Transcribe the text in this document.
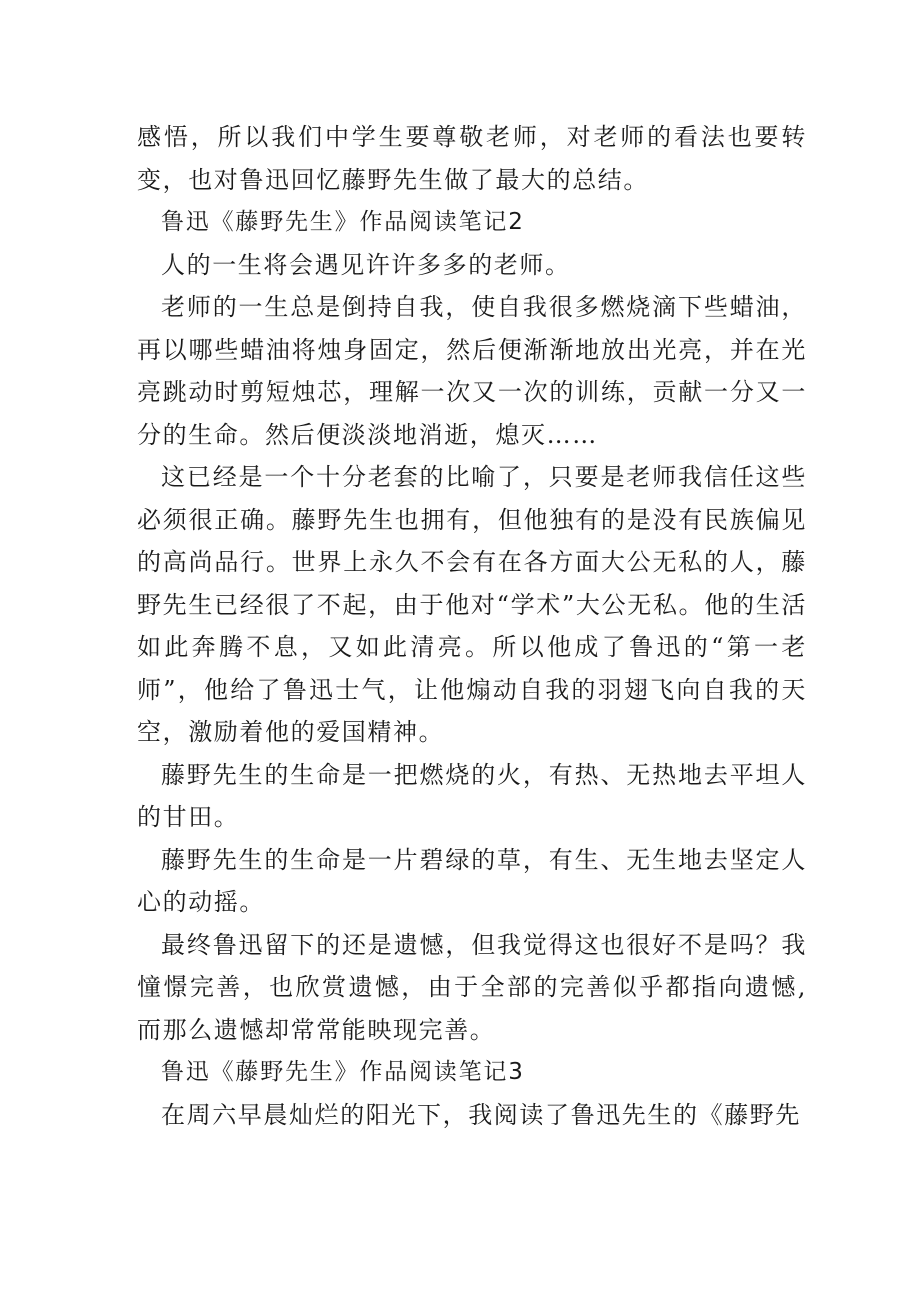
感悟，所以我们中学生要尊敬老师，对老师的看法也要转变，也对鲁迅回忆藤野先生做了最大的总结。

鲁迅《藤野先生》作品阅读笔记2

人的一生将会遇见许许多多的老师。

老师的一生总是倒持自我，使自我很多燃烧滴下些蜡油，再以哪些蜡油将烛身固定，然后便渐渐地放出光亮，并在光亮跳动时剪短烛芯，理解一次又一次的训练，贡献一分又一分的生命。然后便淡淡地消逝，熄灭……

这已经是一个十分老套的比喻了，只要是老师我信任这些必须很正确。藤野先生也拥有，但他独有的是没有民族偏见的高尚品行。世界上永久不会有在各方面大公无私的人，藤野先生已经很了不起，由于他对“学术”大公无私。他的生活如此奔腾不息，又如此清亮。所以他成了鲁迅的“第一老师”，他给了鲁迅士气，让他煽动自我的羽翅飞向自我的天空，激励着他的爱国精神。

藤野先生的生命是一把燃烧的火，有热、无热地去平坦人的甘田。

藤野先生的生命是一片碧绿的草，有生、无生地去坚定人心的动摇。

最终鲁迅留下的还是遗憾，但我觉得这也很好不是吗？我憧憬完善，也欣赏遗憾，由于全部的完善似乎都指向遗憾,而那么遗憾却常常能映现完善。

鲁迅《藤野先生》作品阅读笔记3

在周六早晨灿烂的阳光下，我阅读了鲁迅先生的《藤野先
